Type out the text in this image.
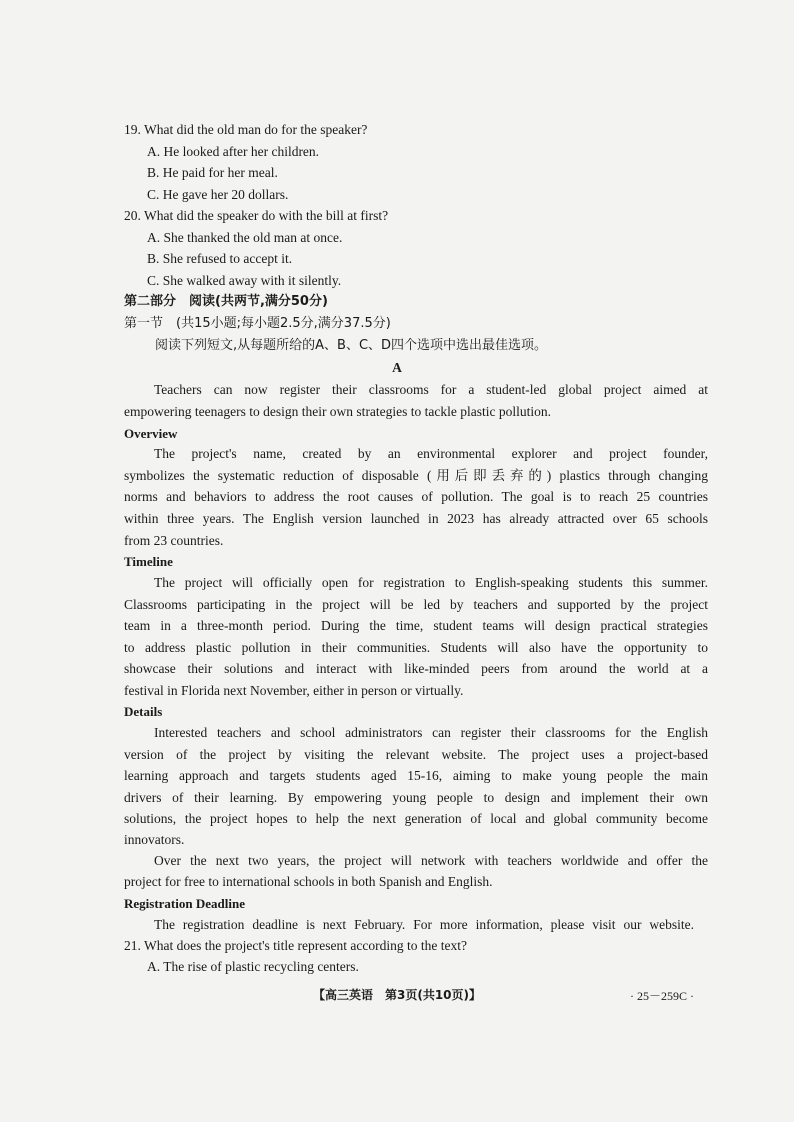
19. What did the old man do for the speaker?
A. He looked after her children.
B. He paid for her meal.
C. He gave her 20 dollars.
20. What did the speaker do with the bill at first?
A. She thanked the old man at once.
B. She refused to accept it.
C. She walked away with it silently.
第二部分　阅读(共两节,满分50分)
第一节　(共15小题;每小题2.5分,满分37.5分)
阅读下列短文,从每题所给的A、B、C、D四个选项中选出最佳选项。
A
Teachers can now register their classrooms for a student-led global project aimed at
empowering teenagers to design their own strategies to tackle plastic pollution.
Overview
The project's name, created by an environmental explorer and project founder,
symbolizes the systematic reduction of disposable (用后即丢弃的) plastics through changing
norms and behaviors to address the root causes of pollution. The goal is to reach 25 countries
within three years. The English version launched in 2023 has already attracted over 65 schools
from 23 countries.
Timeline
The project will officially open for registration to English-speaking students this summer.
Classrooms participating in the project will be led by teachers and supported by the project
team in a three-month period. During the time, student teams will design practical strategies
to address plastic pollution in their communities. Students will also have the opportunity to
showcase their solutions and interact with like-minded peers from around the world at a
festival in Florida next November, either in person or virtually.
Details
Interested teachers and school administrators can register their classrooms for the English
version of the project by visiting the relevant website. The project uses a project-based
learning approach and targets students aged 15-16, aiming to make young people the main
drivers of their learning. By empowering young people to design and implement their own
solutions, the project hopes to help the next generation of local and global community become
innovators.
Over the next two years, the project will network with teachers worldwide and offer the
project for free to international schools in both Spanish and English.
Registration Deadline
The registration deadline is next February. For more information, please visit our website.
21. What does the project's title represent according to the text?
A. The rise of plastic recycling centers.
【高三英语　第3页(共10页)】	· 25－259C ·
